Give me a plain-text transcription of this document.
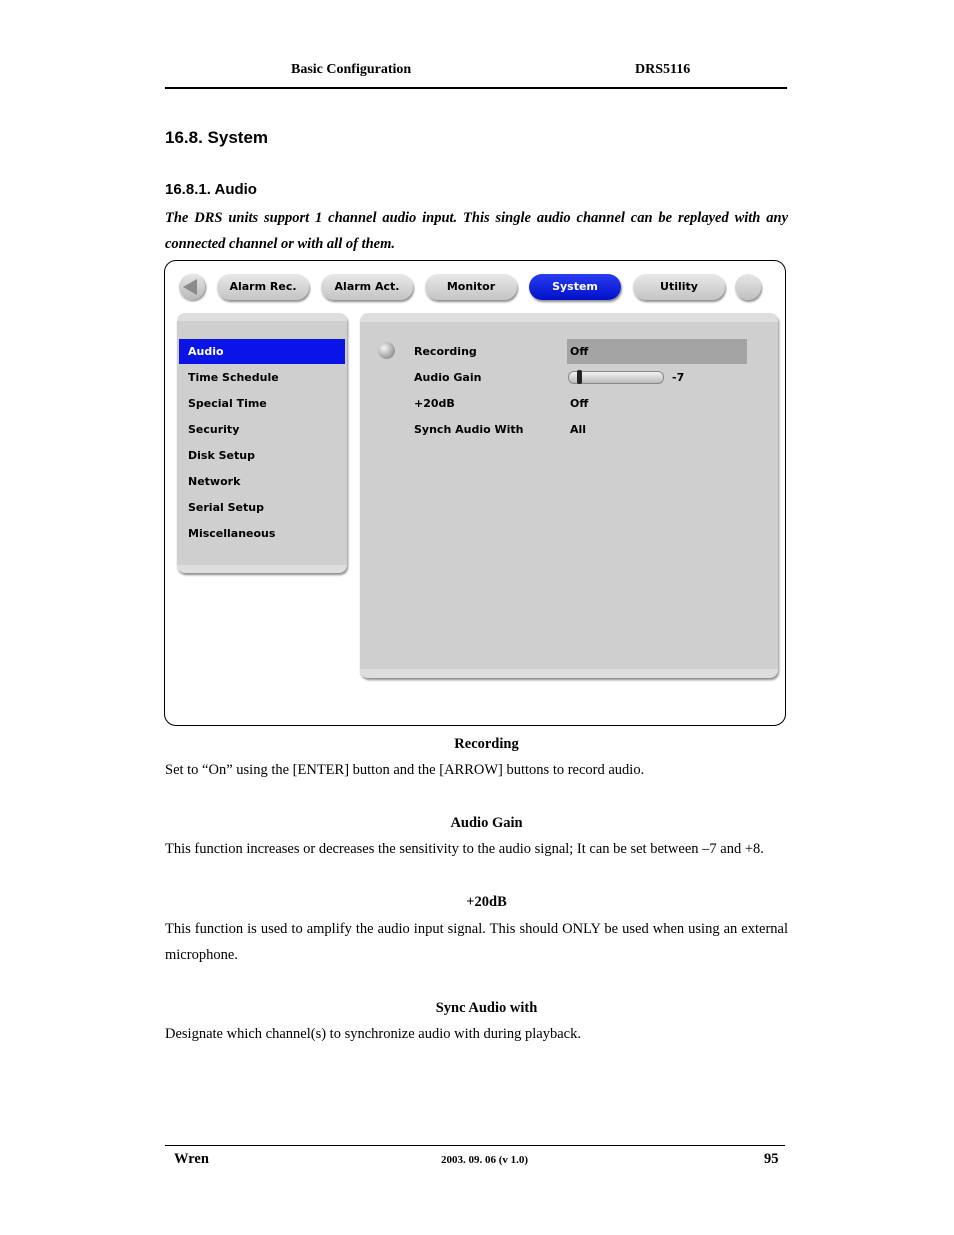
Basic Configuration	DRS5116
16.8. System
16.8.1. Audio
The DRS units support 1 channel audio input. This single audio channel can be replayed with any connected channel or with all of them.
Alarm Rec.	Alarm Act.	Monitor	System	Utility
Audio
Time Schedule
Special Time
Security
Disk Setup
Network
Serial Setup
Miscellaneous
Recording	Off
Audio Gain	-7
+20dB	Off
Synch Audio With	All
Recording
Set to “On” using the [ENTER] button and the [ARROW] buttons to record audio.
Audio Gain
This function increases or decreases the sensitivity to the audio signal; It can be set between –7 and +8.
+20dB
This function is used to amplify the audio input signal. This should ONLY be used when using an external microphone.
Sync Audio with
Designate which channel(s) to synchronize audio with during playback.
Wren	2003. 09. 06 (v 1.0)	95
